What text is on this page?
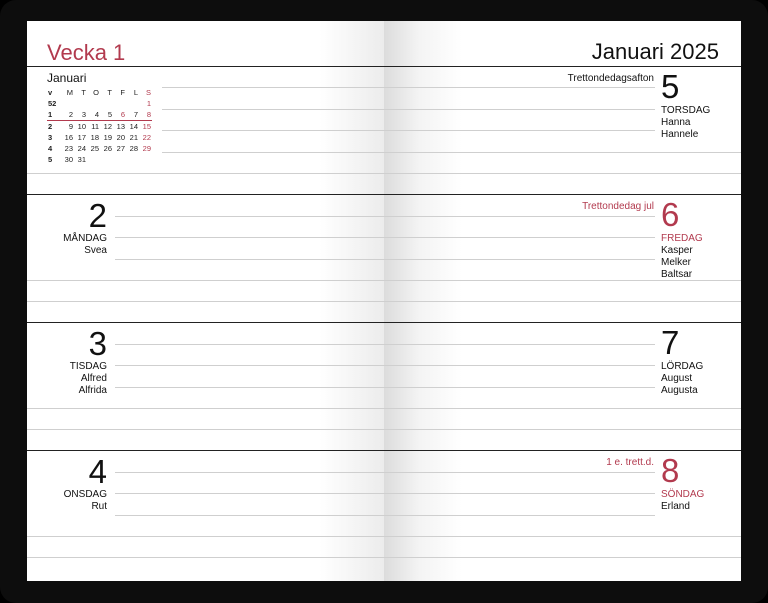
Vecka 1
Januari
v	M	T	O	T	F	L	S
52							1
1	2	3	4	5	6	7	8
2	9	10	11	12	13	14	15
3	16	17	18	19	20	21	22
4	23	24	25	26	27	28	29
5	30	31					
2
MÅNDAG
Svea
3
TISDAG
Alfred
Alfrida
4
ONSDAG
Rut
Januari 2025
Trettondedagsafton 5
TORSDAG
Hanna
Hannele
Trettondedag jul 6
FREDAG
Kasper
Melker
Baltsar
7
LÖRDAG
August
Augusta
1 e. trett.d. 8
SÖNDAG
Erland
